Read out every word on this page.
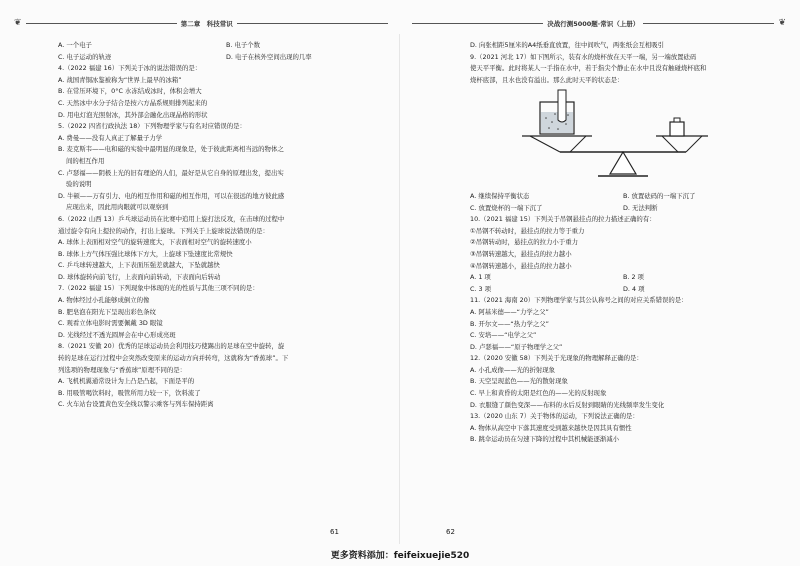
❦	第二章　科技常识	决战行测5000题·常识（上册）	❦
A. 一个电子	B. 电子个数
C. 电子运动的轨迹	D. 电子在核外空间出现的几率
4.（2022 福建 16）下列关于冰的说法错误的是：
A. 战国青铜冰鉴被称为“世界上最早的冰箱”
B. 在常压环境下，0°C 水冻结成冰时，体积会增大
C. 天然冰中水分子结合是按六方晶系规则排列起来的
D. 用电灯泡光照射冰，其外部会融化出现晶格的形状
5.（2022 四省行政执法 18）下列物理学家与有名对应错误的是：
A. 费曼——没有人真正了解量子力学
B. 麦克斯韦——电和磁的实验中最明显的现象是，处于彼此距离相当远的物体之
间的相互作用
C. 卢瑟福——阴极上光的旧有理论的人们，最好是从它自身的原理出发，提出实
验的说明
D. 牛顿——万有引力、电的相互作用和磁的相互作用，可以在很远的地方彼此感
应现出来，因此用肉眼就可以观察到
6.（2022 山西 13）乒乓球运动员在比赛中追用上旋打法反攻，在击球的过程中
通过旋令有向上提拉的动作，打出上旋球。下列关于上旋球说法错误的是：
A. 球体上表面相对空气的旋转速度大，下表面相对空气的旋转速度小
B. 球体上方气体压强比球体下方大，上旋球下坠速度比常规快
C. 乒乓球转速越大，上下表面压强差就越大，下坠就越快
D. 球体旋转向前飞行，上表面向前转动，下表面向后转动
7.（2022 福建 15）下列现象中体现的光的性质与其他三项不同的是：
A. 物体经过小孔能够成倒立的像
B. 肥皂泡在阳光下呈现出彩色条纹
C. 观看立体电影时需要佩戴 3D 眼镜
D. 光线经过不透光圆屏会在中心形成亮斑
8.（2021 安徽 20）优秀的足球运动员会利用技巧使踢出的足球在空中旋转，旋
转的足球在运行过程中会突然改变原来的运动方向并转弯，这就称为“香蕉球”。下
列选项的物理现象与“香蕉球”原理不同的是：
A. 飞机机翼通常设计为上凸是凸起，下面是平的
B. 用吸管喝饮料时，吸管所用力较一下，饮料流了
C. 火车站台设置黄色安全线以警示乘客与列车保持距离
D. 向张相距5厘米的A4纸垂直放置，往中间吹气，两张纸会互相吸引
9.（2021 河北 17）如下图所示，装有水的烧杯放在天平一端，另一端放置砝码
使天平平衡。此时将某人一手指在水中，若于指尖个静止在水中且没有触碰烧杯底和
烧杯底部，且水也没有溢出。那么此时天平的状态是：
A. 继续保持平衡状态	B. 放置砝码的一端下沉了
C. 放置烧杯的一端下沉了	D. 无法判断
10.（2021 福建 15）下列关于吊钢悬挂点的拉力描述正确的有：
①吊钢不转动时，悬挂点的拉力等于重力
②吊钢转动时，悬挂点的拉力小于重力
③吊钢转速越大，悬挂点的拉力越小
④吊钢转速越小，悬挂点的拉力越小
A. 1 项	B. 2 项
C. 3 项	D. 4 项
11.（2021 海南 20）下列物理学家与其公认称号之间的对应关系错误的是：
A. 阿基米德——“力学之父”
B. 开尔文——“热力学之父”
C. 安培——“电学之父”
D. 卢瑟福——“原子物理学之父”
12.（2020 安徽 58）下列关于光现象的物理解释正确的是：
A. 小孔成像——光的折射现象
B. 天空呈现蓝色——光的散射现象
C. 早上和黄昏的太阳是红色的——光的反射现象
D. 衣服缝了颜色变深——布料的水后反射到眼睛的光线频率发生变化
13.（2020 山东 7）关于物体的运动，下列说法正确的是：
A. 物体从高空中下落其速度受到越来越快是因其具有惯性
B. 跳伞运动员在匀速下降的过程中其机械能逐渐减小
61	62
更多资料添加：feifeixuejie520
